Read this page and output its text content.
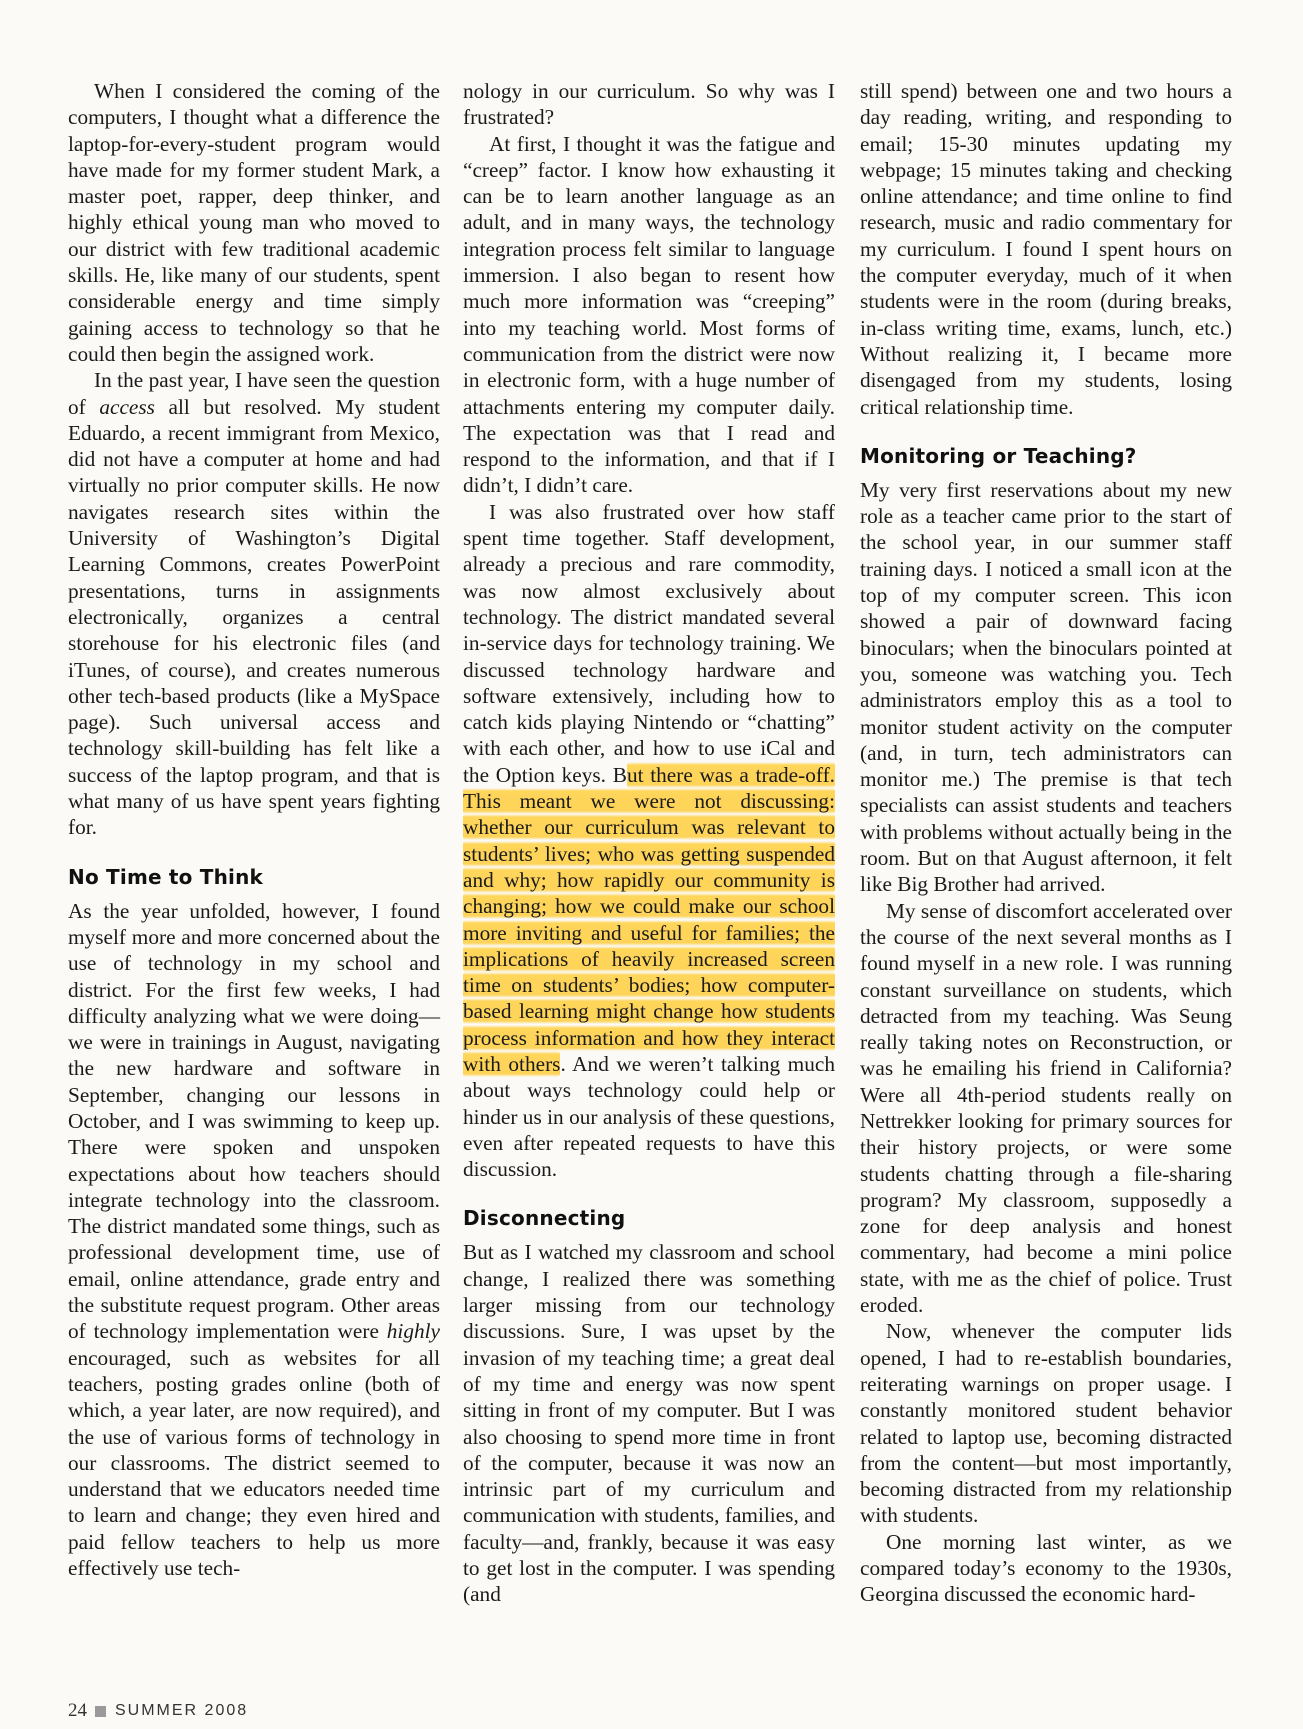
When I considered the coming of the computers, I thought what a difference the laptop-for-every-student program would have made for my former student Mark, a master poet, rapper, deep thinker, and highly ethical young man who moved to our district with few traditional academic skills. He, like many of our students, spent considerable energy and time simply gaining access to technology so that he could then begin the assigned work.

In the past year, I have seen the question of access all but resolved. My student Eduardo, a recent immigrant from Mexico, did not have a computer at home and had virtually no prior computer skills. He now navigates research sites within the University of Washington’s Digital Learning Commons, creates PowerPoint presentations, turns in assignments electronically, organizes a central storehouse for his electronic files (and iTunes, of course), and creates numerous other tech-based products (like a MySpace page). Such universal access and technology skill-building has felt like a success of the laptop program, and that is what many of us have spent years fighting for.

No Time to Think

As the year unfolded, however, I found myself more and more concerned about the use of technology in my school and district. For the first few weeks, I had difficulty analyzing what we were doing—we were in trainings in August, navigating the new hardware and software in September, changing our lessons in October, and I was swimming to keep up. There were spoken and unspoken expectations about how teachers should integrate technology into the classroom. The district mandated some things, such as professional development time, use of email, online attendance, grade entry and the substitute request program. Other areas of technology implementation were highly encouraged, such as websites for all teachers, posting grades online (both of which, a year later, are now required), and the use of various forms of technology in our classrooms. The district seemed to understand that we educators needed time to learn and change; they even hired and paid fellow teachers to help us more effectively use tech-

nology in our curriculum. So why was I frustrated?

At first, I thought it was the fatigue and “creep” factor. I know how exhausting it can be to learn another language as an adult, and in many ways, the technology integration process felt similar to language immersion. I also began to resent how much more information was “creeping” into my teaching world. Most forms of communication from the district were now in electronic form, with a huge number of attachments entering my computer daily. The expectation was that I read and respond to the information, and that if I didn’t, I didn’t care.

I was also frustrated over how staff spent time together. Staff development, already a precious and rare commodity, was now almost exclusively about technology. The district mandated several in-service days for technology training. We discussed technology hardware and software extensively, including how to catch kids playing Nintendo or “chatting” with each other, and how to use iCal and the Option keys. But there was a trade-off. This meant we were not discussing: whether our curriculum was relevant to students’ lives; who was getting suspended and why; how rapidly our community is changing; how we could make our school more inviting and useful for families; the implications of heavily increased screen time on students’ bodies; how computer-based learning might change how students process information and how they interact with others. And we weren’t talking much about ways technology could help or hinder us in our analysis of these questions, even after repeated requests to have this discussion.

Disconnecting

But as I watched my classroom and school change, I realized there was something larger missing from our technology discussions. Sure, I was upset by the invasion of my teaching time; a great deal of my time and energy was now spent sitting in front of my computer. But I was also choosing to spend more time in front of the computer, because it was now an intrinsic part of my curriculum and communication with students, families, and faculty—and, frankly, because it was easy to get lost in the computer. I was spending (and

still spend) between one and two hours a day reading, writing, and responding to email; 15-30 minutes updating my webpage; 15 minutes taking and checking online attendance; and time online to find research, music and radio commentary for my curriculum. I found I spent hours on the computer everyday, much of it when students were in the room (during breaks, in-class writing time, exams, lunch, etc.) Without realizing it, I became more disengaged from my students, losing critical relationship time.

Monitoring or Teaching?

My very first reservations about my new role as a teacher came prior to the start of the school year, in our summer staff training days. I noticed a small icon at the top of my computer screen. This icon showed a pair of downward facing binoculars; when the binoculars pointed at you, someone was watching you. Tech administrators employ this as a tool to monitor student activity on the computer (and, in turn, tech administrators can monitor me.) The premise is that tech specialists can assist students and teachers with problems without actually being in the room. But on that August afternoon, it felt like Big Brother had arrived.

My sense of discomfort accelerated over the course of the next several months as I found myself in a new role. I was running constant surveillance on students, which detracted from my teaching. Was Seung really taking notes on Reconstruction, or was he emailing his friend in California? Were all 4th-period students really on Nettrekker looking for primary sources for their history projects, or were some students chatting through a file-sharing program? My classroom, supposedly a zone for deep analysis and honest commentary, had become a mini police state, with me as the chief of police. Trust eroded.

Now, whenever the computer lids opened, I had to re-establish boundaries, reiterating warnings on proper usage. I constantly monitored student behavior related to laptop use, becoming distracted from the content—but most importantly, becoming distracted from my relationship with students.

One morning last winter, as we compared today’s economy to the 1930s, Georgina discussed the economic hard-

24 SUMMER 2008
